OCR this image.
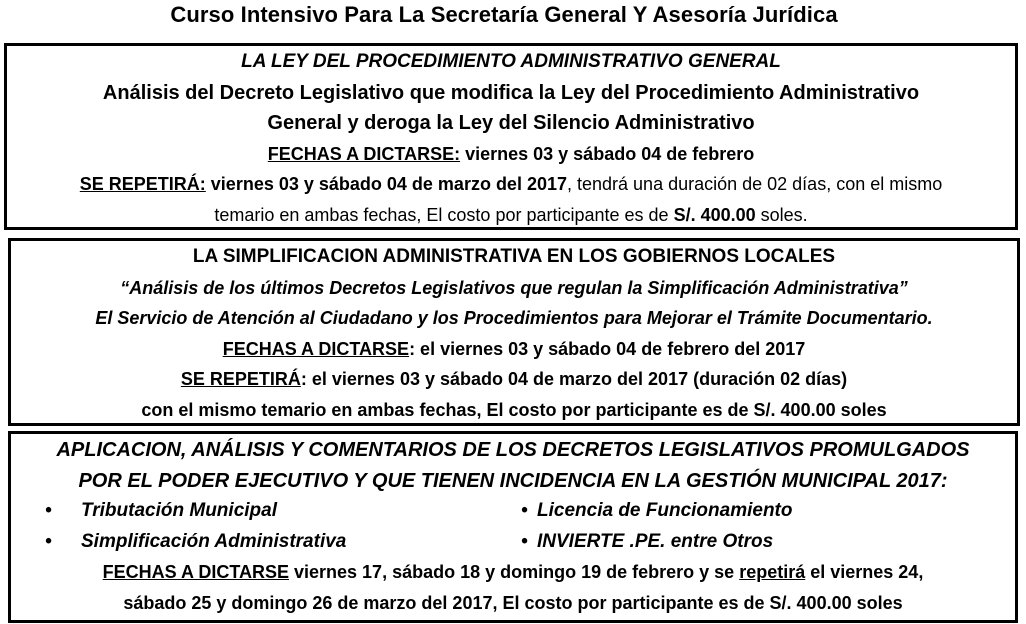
Curso Intensivo Para La Secretaría General Y Asesoría Jurídica
LA LEY DEL PROCEDIMIENTO ADMINISTRATIVO GENERAL
Análisis del Decreto Legislativo que modifica la Ley del Procedimiento Administrativo
General y deroga la Ley del Silencio Administrativo
FECHAS A DICTARSE: viernes 03 y sábado 04 de febrero
SE REPETIRÁ: viernes 03 y sábado 04 de marzo del 2017, tendrá una duración de 02 días, con el mismo
temario en ambas fechas, El costo por participante es de S/. 400.00 soles.
LA SIMPLIFICACION ADMINISTRATIVA EN LOS GOBIERNOS LOCALES
“Análisis de los últimos Decretos Legislativos que regulan la Simplificación Administrativa”
El Servicio de Atención al Ciudadano y los Procedimientos para Mejorar el Trámite Documentario.
FECHAS A DICTARSE: el viernes 03 y sábado 04 de febrero del 2017
SE REPETIRÁ: el viernes 03 y sábado 04 de marzo del 2017 (duración 02 días)
con el mismo temario en ambas fechas, El costo por participante es de S/. 400.00 soles
APLICACION, ANÁLISIS Y COMENTARIOS DE LOS DECRETOS LEGISLATIVOS PROMULGADOS
POR EL PODER EJECUTIVO Y QUE TIENEN INCIDENCIA EN LA GESTIÓN MUNICIPAL 2017:
• Tributación Municipal	• Licencia de Funcionamiento
• Simplificación Administrativa	• INVIERTE .PE. entre Otros
FECHAS A DICTARSE viernes 17, sábado 18 y domingo 19 de febrero y se repetirá el viernes 24,
sábado 25 y domingo 26 de marzo del 2017, El costo por participante es de S/. 400.00 soles
